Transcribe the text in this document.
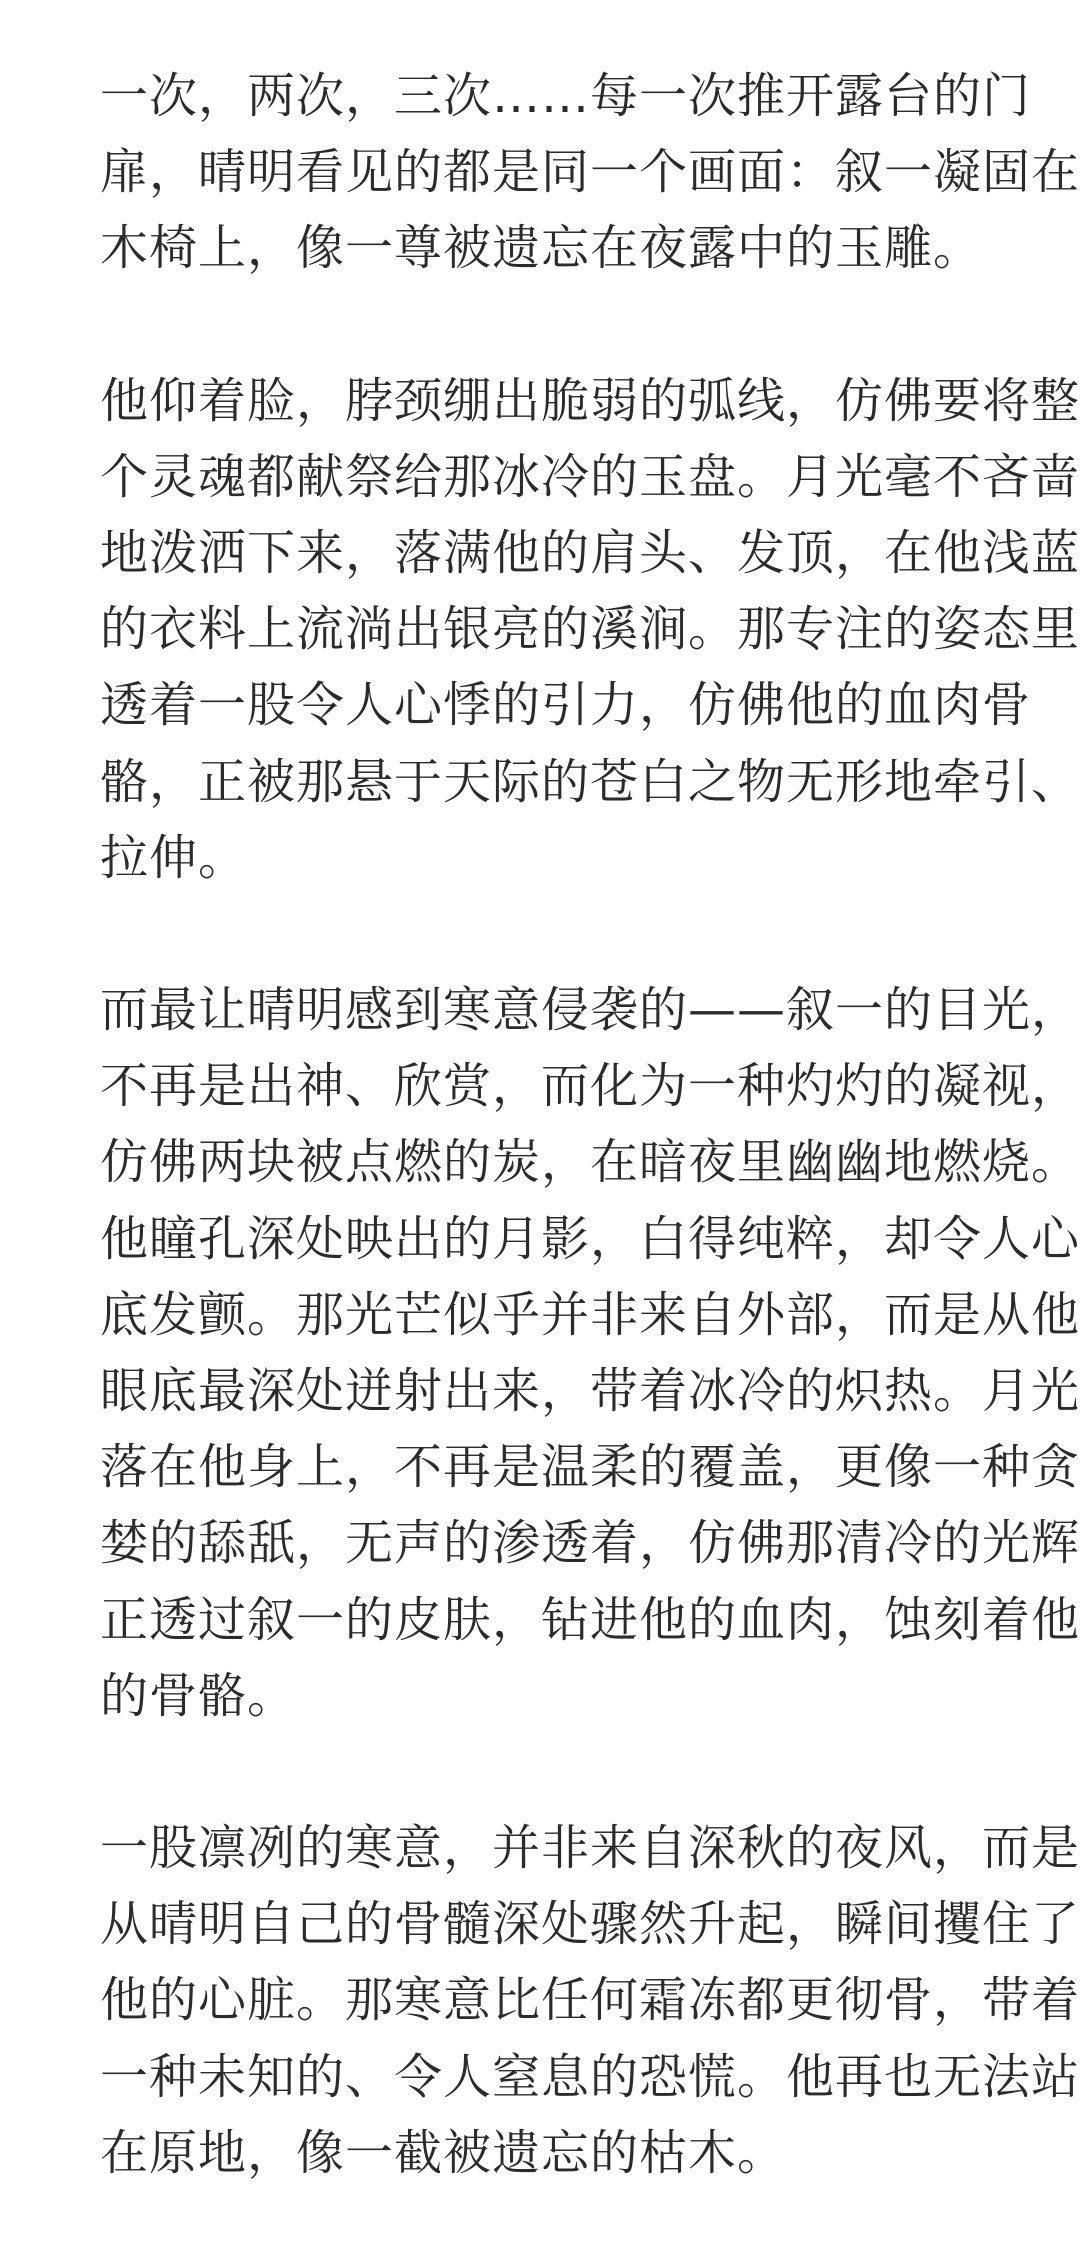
一次，两次，三次……每一次推开露台的门
扉，晴明看见的都是同一个画面：叙一凝固在
木椅上，像一尊被遗忘在夜露中的玉雕。

他仰着脸，脖颈绷出脆弱的弧线，仿佛要将整
个灵魂都献祭给那冰冷的玉盘。月光毫不吝啬
地泼洒下来，落满他的肩头、发顶，在他浅蓝
的衣料上流淌出银亮的溪涧。那专注的姿态里
透着一股令人心悸的引力，仿佛他的血肉骨
骼，正被那悬于天际的苍白之物无形地牵引、
拉伸。

而最让晴明感到寒意侵袭的——叙一的目光，
不再是出神、欣赏，而化为一种灼灼的凝视，
仿佛两块被点燃的炭，在暗夜里幽幽地燃烧。
他瞳孔深处映出的月影，白得纯粹，却令人心
底发颤。那光芒似乎并非来自外部，而是从他
眼底最深处迸射出来，带着冰冷的炽热。月光
落在他身上，不再是温柔的覆盖，更像一种贪
婪的舔舐，无声的渗透着，仿佛那清冷的光辉
正透过叙一的皮肤，钻进他的血肉，蚀刻着他
的骨骼。

一股凛冽的寒意，并非来自深秋的夜风，而是
从晴明自己的骨髓深处骤然升起，瞬间攫住了
他的心脏。那寒意比任何霜冻都更彻骨，带着
一种未知的、令人窒息的恐慌。他再也无法站
在原地，像一截被遗忘的枯木。
